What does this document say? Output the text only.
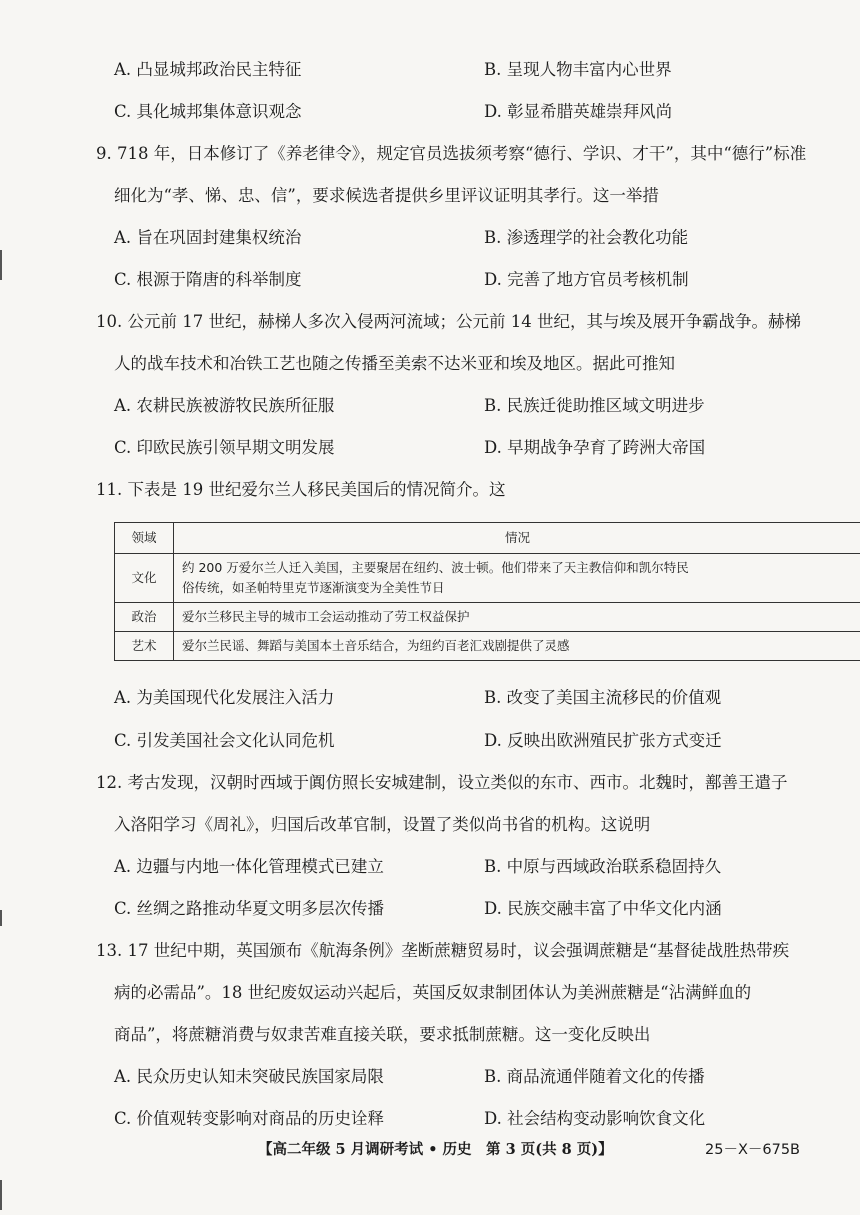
A. 凸显城邦政治民主特征	B. 呈现人物丰富内心世界
C. 具化城邦集体意识观念	D. 彰显希腊英雄崇拜风尚
9. 718 年，日本修订了《养老律令》，规定官员选拔须考察“德行、学识、才干”，其中“德行”标准
细化为“孝、悌、忠、信”，要求候选者提供乡里评议证明其孝行。这一举措
A. 旨在巩固封建集权统治	B. 渗透理学的社会教化功能
C. 根源于隋唐的科举制度	D. 完善了地方官员考核机制
10. 公元前 17 世纪，赫梯人多次入侵两河流域；公元前 14 世纪，其与埃及展开争霸战争。赫梯
人的战车技术和冶铁工艺也随之传播至美索不达米亚和埃及地区。据此可推知
A. 农耕民族被游牧民族所征服	B. 民族迁徙助推区域文明进步
C. 印欧民族引领早期文明发展	D. 早期战争孕育了跨洲大帝国
11. 下表是 19 世纪爱尔兰人移民美国后的情况简介。这
领域	情况
文化	约 200 万爱尔兰人迁入美国，主要聚居在纽约、波士顿。他们带来了天主教信仰和凯尔特民
俗传统，如圣帕特里克节逐渐演变为全美性节日

政治	爱尔兰移民主导的城市工会运动推动了劳工权益保护
艺术	爱尔兰民谣、舞蹈与美国本土音乐结合，为纽约百老汇戏剧提供了灵感
A. 为美国现代化发展注入活力	B. 改变了美国主流移民的价值观
C. 引发美国社会文化认同危机	D. 反映出欧洲殖民扩张方式变迁
12. 考古发现，汉朝时西域于阗仿照长安城建制，设立类似的东市、西市。北魏时，鄯善王遣子
入洛阳学习《周礼》，归国后改革官制，设置了类似尚书省的机构。这说明
A. 边疆与内地一体化管理模式已建立	B. 中原与西域政治联系稳固持久
C. 丝绸之路推动华夏文明多层次传播	D. 民族交融丰富了中华文化内涵
13. 17 世纪中期，英国颁布《航海条例》垄断蔗糖贸易时，议会强调蔗糖是“基督徒战胜热带疾
病的必需品”。18 世纪废奴运动兴起后，英国反奴隶制团体认为美洲蔗糖是“沾满鲜血的
商品”，将蔗糖消费与奴隶苦难直接关联，要求抵制蔗糖。这一变化反映出
A. 民众历史认知未突破民族国家局限	B. 商品流通伴随着文化的传播
C. 价值观转变影响对商品的历史诠释	D. 社会结构变动影响饮食文化
【高二年级 5 月调研考试 • 历史　第 3 页(共 8 页)】	25－X－675B
